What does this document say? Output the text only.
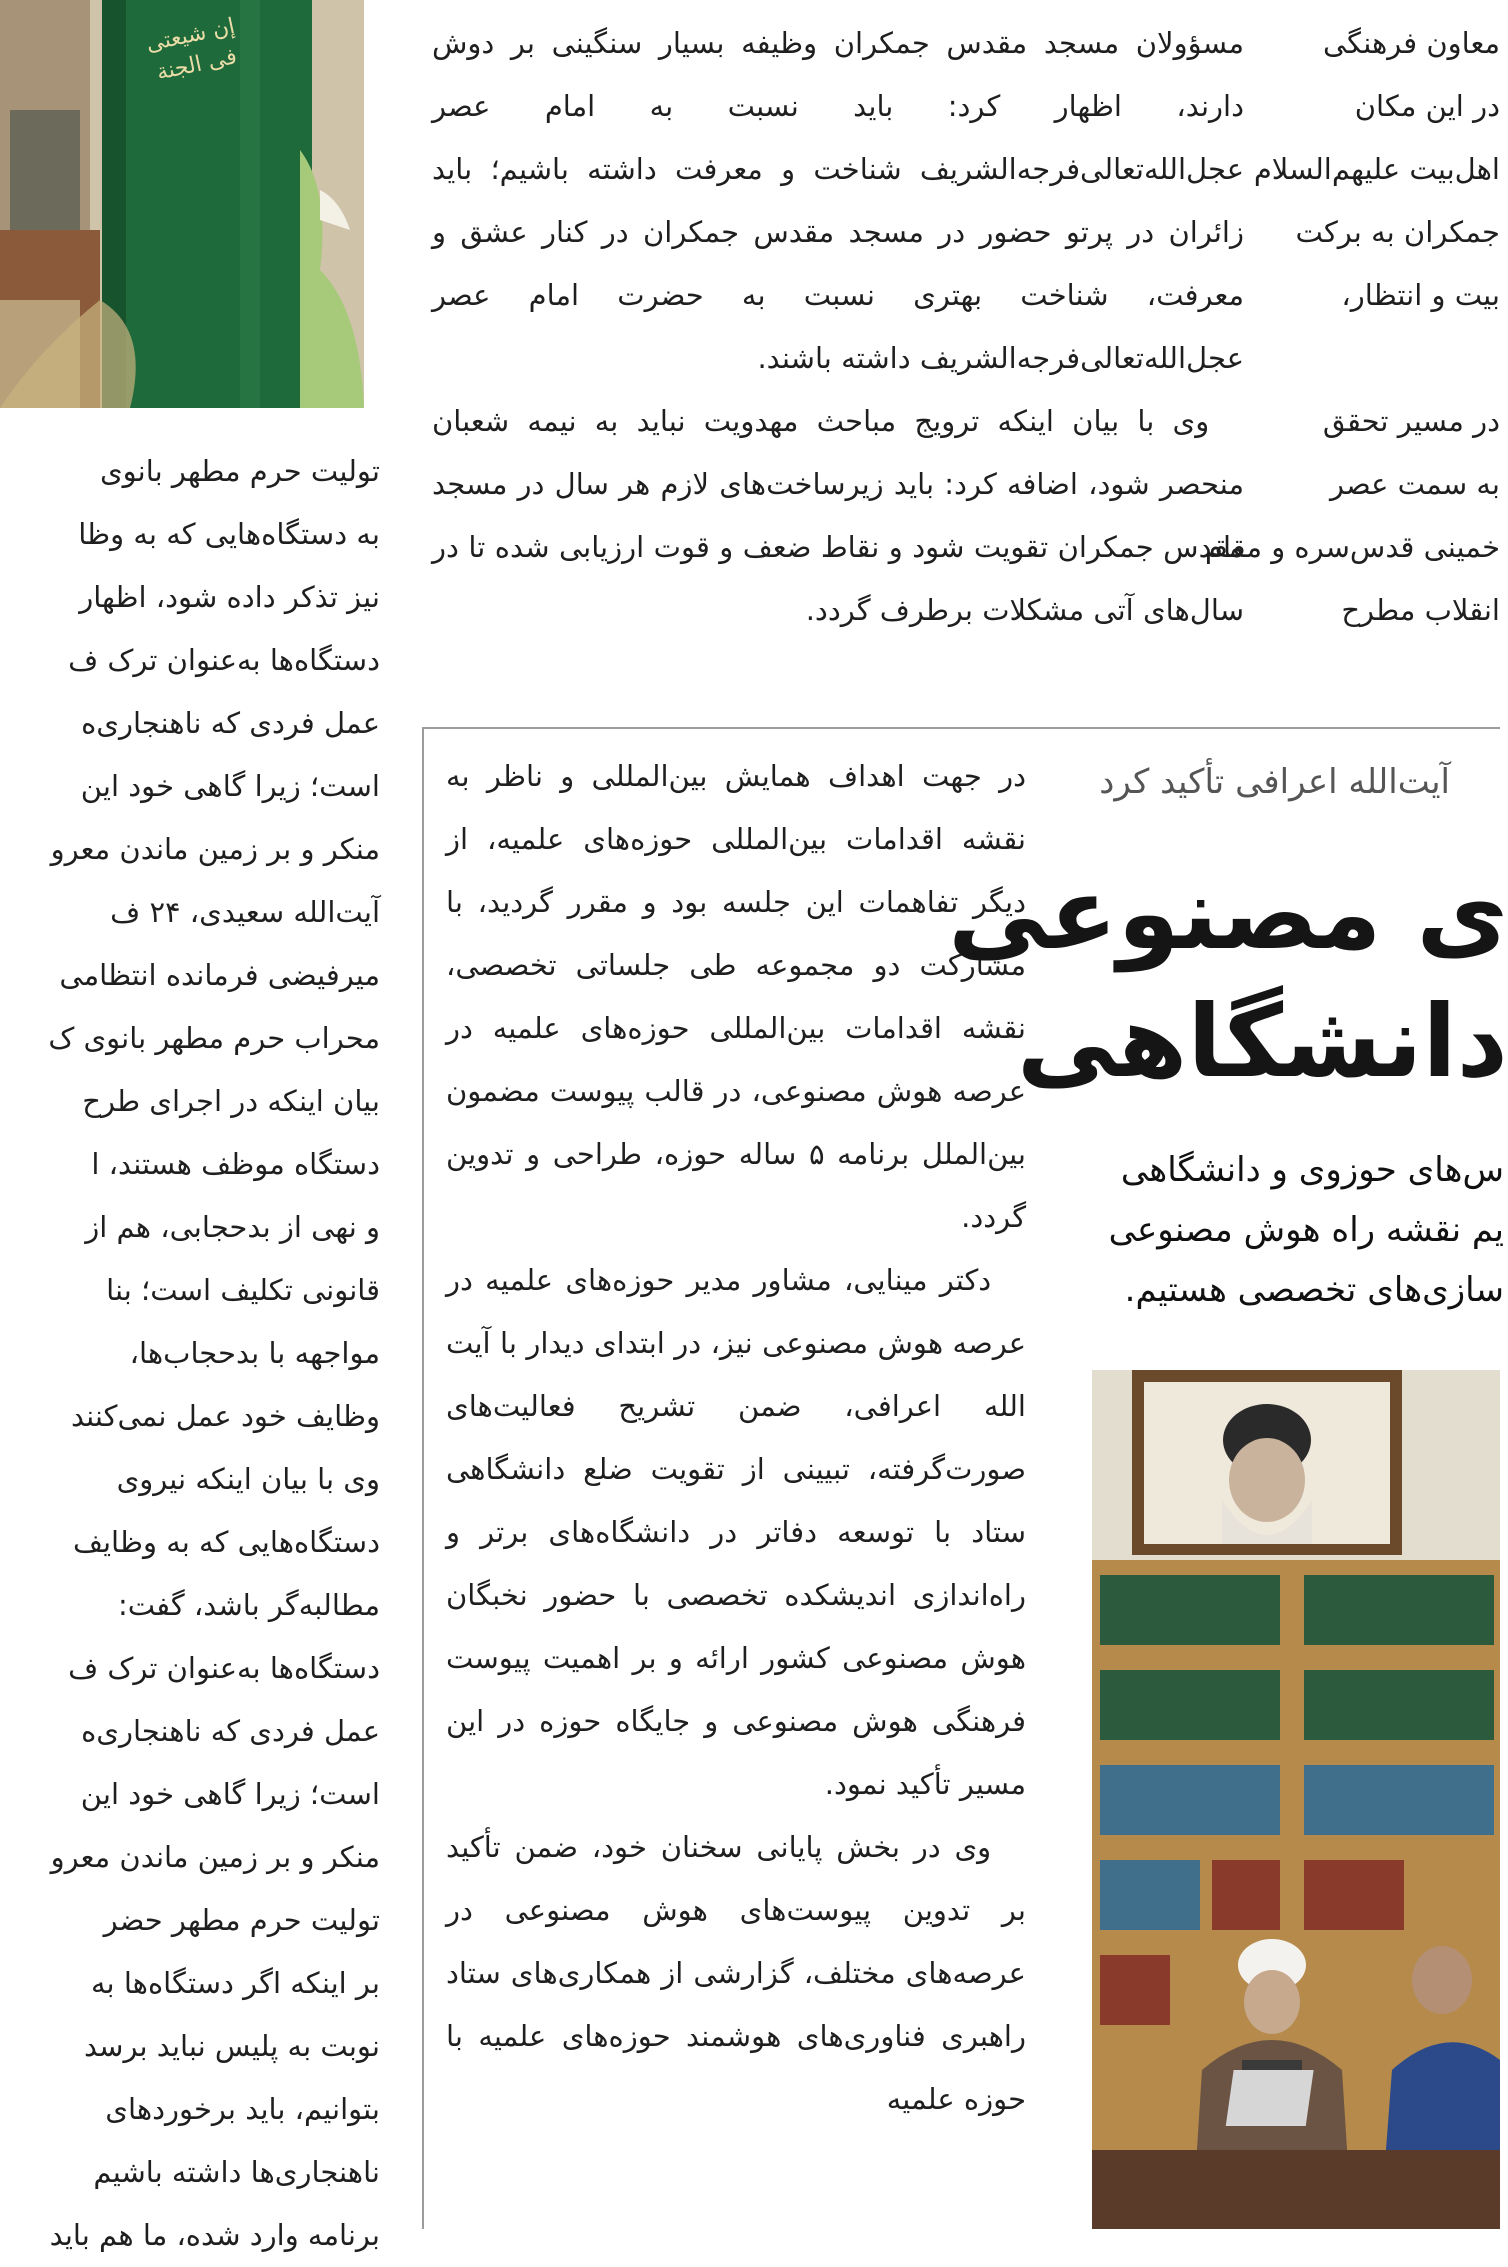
إن شیعتی فی الجنة

تولیت حرم مطهر بانوی

به دستگاه‌هایی که به وظا

نیز تذکر داده شود، اظهار

دستگاه‌ها به‌عنوان ترک ف

عمل فردی که ناهنجاری‌ه

است؛ زیرا گاهی خود این

منکر و بر زمین ماندن معرو

آیت‌الله سعیدی، ۲۴ ف

میرفیضی فرمانده انتظامی

محراب حرم مطهر بانوی ک

بیان اینکه در اجرای طرح

دستگاه موظف هستند، ا

و نهی از بدحجابی، هم از

قانونی تکلیف است؛ بنا

مواجهه با بدحجاب‌ها،

وظایف خود عمل نمی‌کنند

وی با بیان اینکه نیروی

دستگاه‌هایی که به وظایف

مطالبه‌گر باشد، گفت:

دستگاه‌ها به‌عنوان ترک ف

عمل فردی که ناهنجاری‌ه

است؛ زیرا گاهی خود این

منکر و بر زمین ماندن معرو

تولیت حرم مطهر حضر

بر اینکه اگر دستگاه‌ها به

نوبت به پلیس نباید برسد

بتوانیم، باید برخوردهای

ناهنجاری‌ها داشته باشیم

برنامه وارد شده، ما هم باید

مسؤولان مسجد مقدس جمکران وظیفه بسیار سنگینی بر دوش دارند، اظهار کرد: باید نسبت به امام عصر عجل‌الله‌تعالی‌فرجه‌الشریف شناخت و معرفت داشته باشیم؛ باید زائران در پرتو حضور در مسجد مقدس جمکران در کنار عشق و معرفت، شناخت بهتری نسبت به حضرت امام عصر عجل‌الله‌تعالی‌فرجه‌الشریف داشته باشند.

وی با بیان اینکه ترویج مباحث مهدویت نباید به نیمه شعبان منحصر شود، اضافه کرد: باید زیرساخت‌های لازم هر سال در مسجد مقدس جمکران تقویت شود و نقاط ضعف و قوت ارزیابی شده تا در سال‌های آتی مشکلات برطرف گردد.

معاون فرهنگی

در این مکان

اهل‌بیت علیهم‌السلام

جمکران به برکت

بیت و انتظار،

در مسیر تحقق

به سمت عصر

خمینی قدس‌سره و مقام

انقلاب مطرح

در جهت اهداف همایش بین‌المللی و ناظر به نقشه اقدامات بین‌المللی حوزه‌های علمیه، از دیگر تفاهمات این جلسه بود و مقرر گردید، با مشارکت دو مجموعه طی جلساتی تخصصی، نقشه اقدامات بین‌المللی حوزه‌های علمیه در عرصه هوش مصنوعی، در قالب پیوست مضمون بین‌الملل برنامه ۵ ساله حوزه، طراحی و تدوین گردد.

دکتر مینایی، مشاور مدیر حوزه‌های علمیه در عرصه هوش مصنوعی نیز، در ابتدای دیدار با آیت الله اعرافی، ضمن تشریح فعالیت‌های صورت‌گرفته، تبیینی از تقویت ضلع دانشگاهی ستاد با توسعه دفاتر در دانشگاه‌های برتر و راه‌اندازی اندیشکده تخصصی با حضور نخبگان هوش مصنوعی کشور ارائه و بر اهمیت پیوست فرهنگی هوش مصنوعی و جایگاه حوزه در این مسیر تأکید نمود.

وی در بخش پایانی سخنان خود، ضمن تأکید بر تدوین پیوست‌های هوش مصنوعی در عرصه‌های مختلف، گزارشی از همکاری‌های ستاد راهبری فناوری‌های هوشمند حوزه‌های علمیه با حوزه علمیه

آیت‌الله اعرافی تأکید کرد
ی مصنوعی
دانشگاهی
س‌های حوزوی و دانشگاهی
یم نقشه راه هوش مصنوعی
سازی‌های تخصصی هستیم.
